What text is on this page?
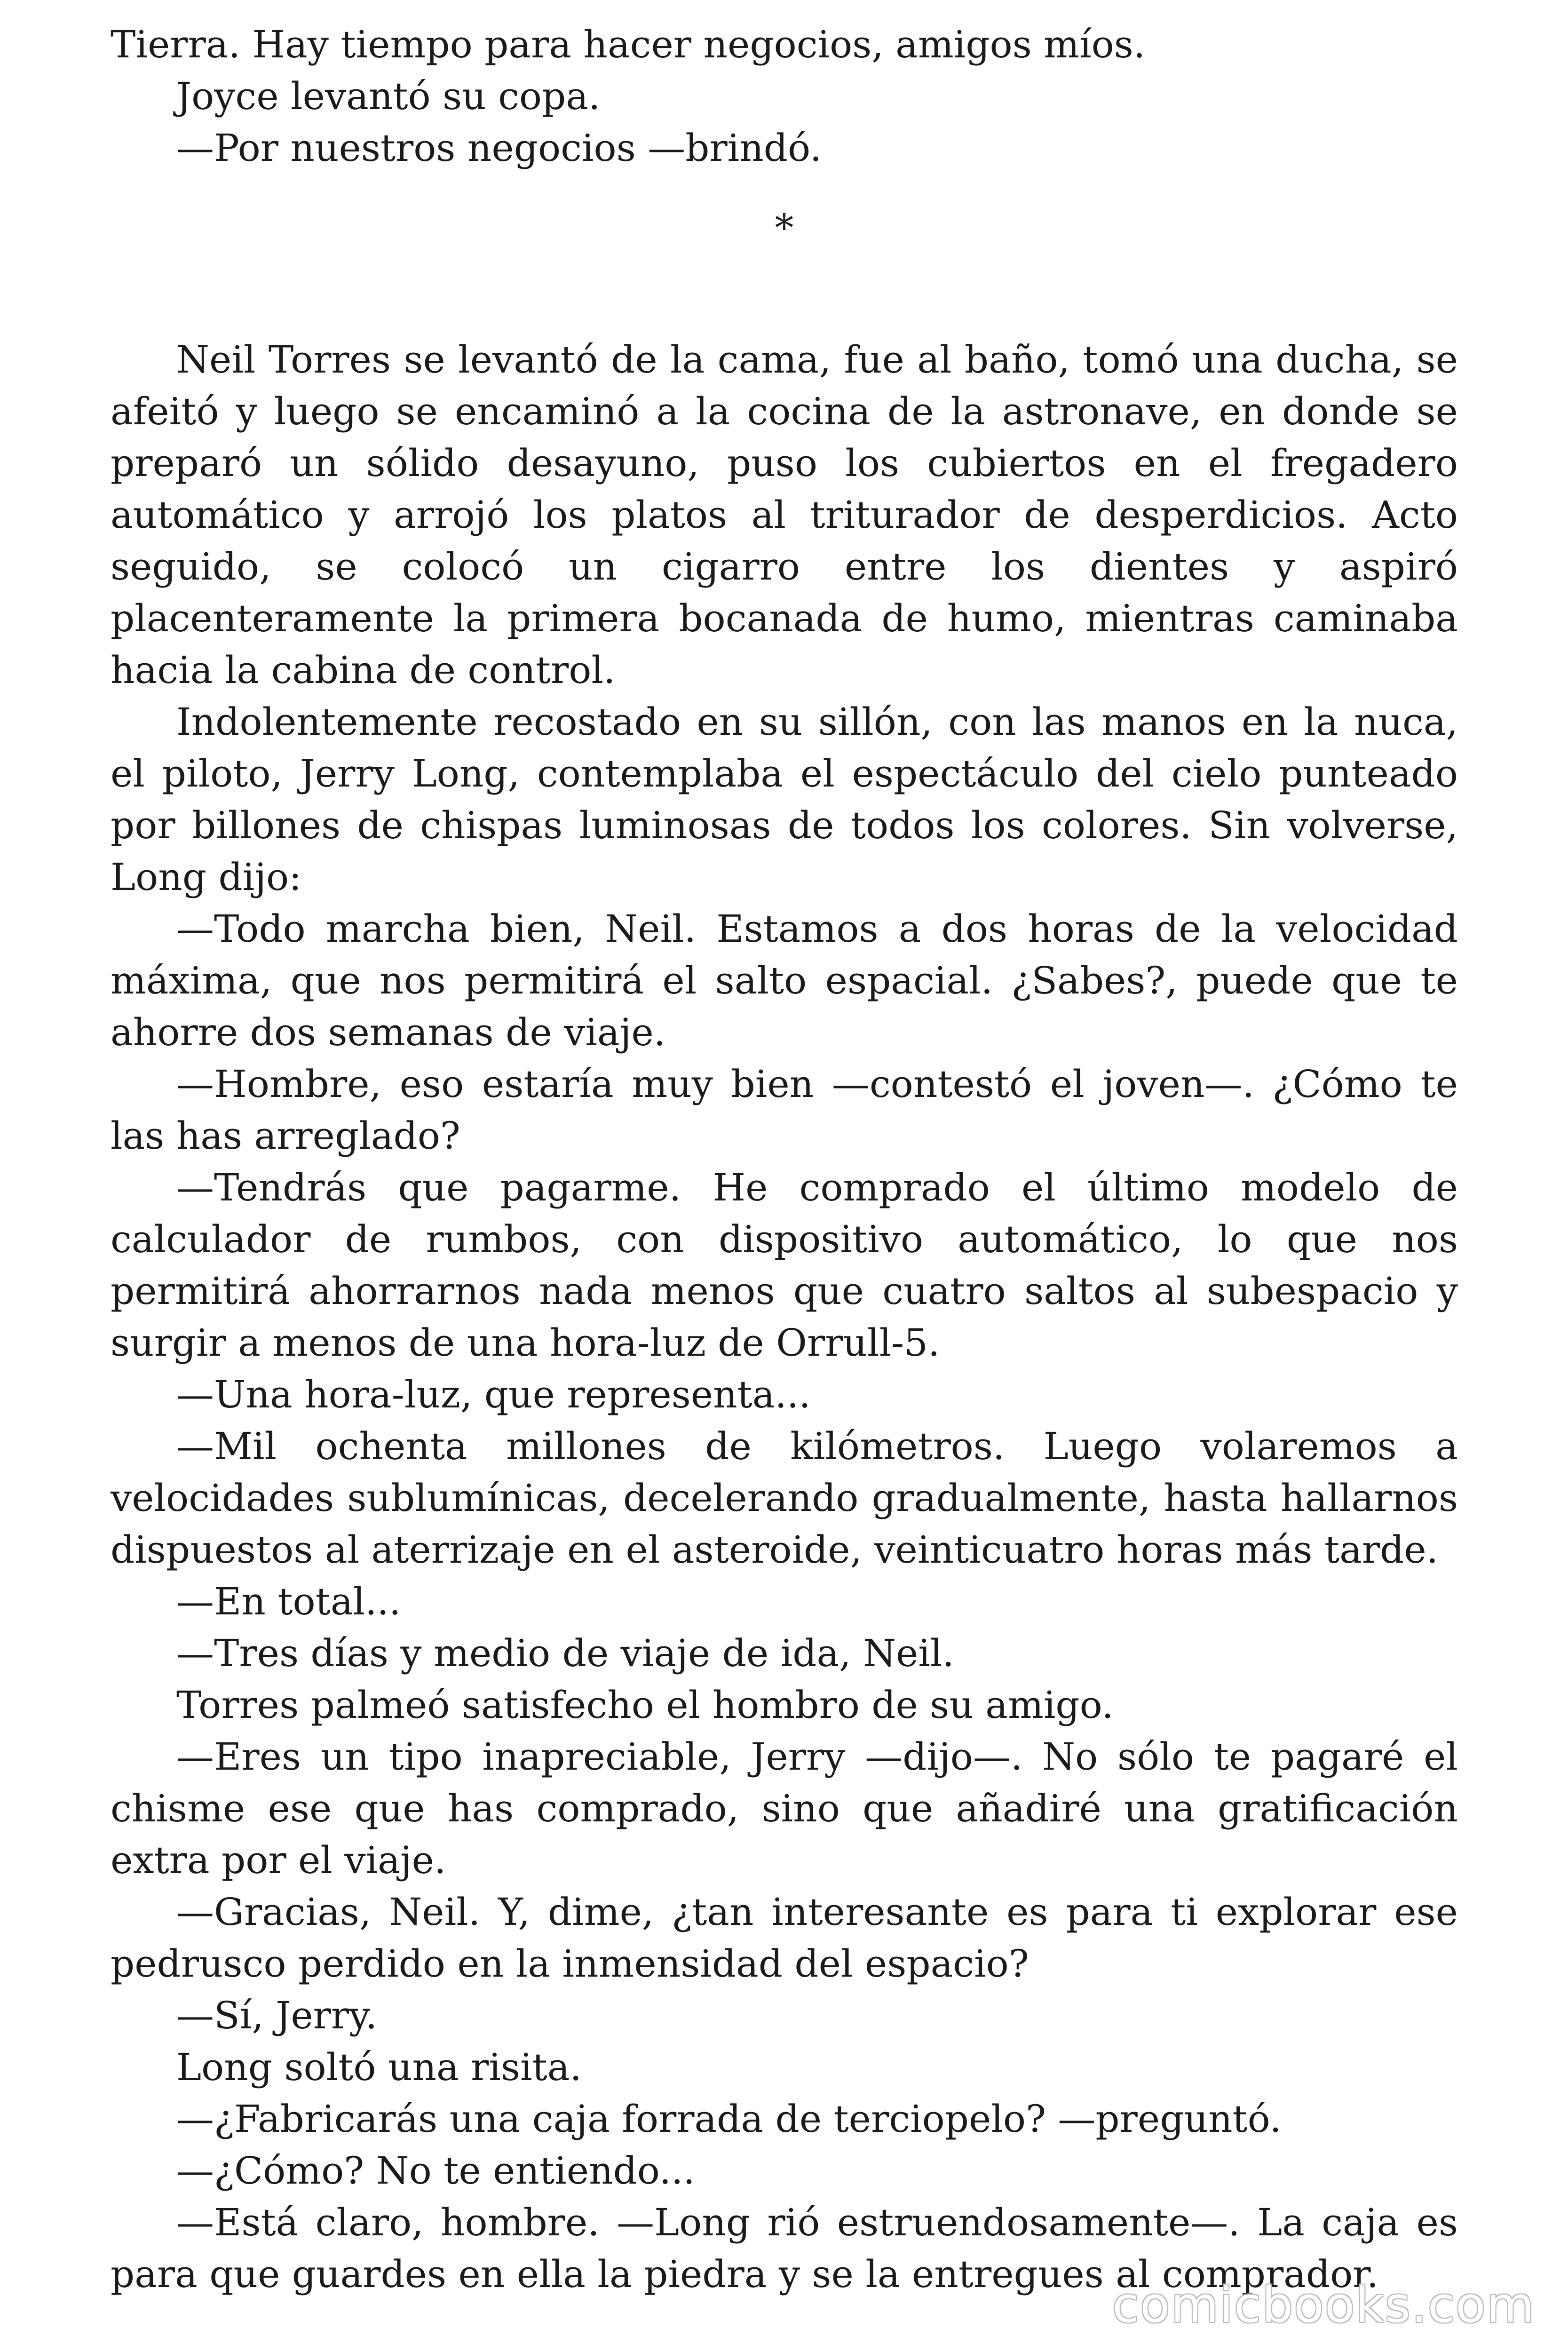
Tierra. Hay tiempo para hacer negocios, amigos míos.

Joyce levantó su copa.

—Por nuestros negocios —brindó.

*

Neil Torres se levantó de la cama, fue al baño, tomó una ducha, se afeitó y luego se encaminó a la cocina de la astronave, en donde se preparó un sólido desayuno, puso los cubiertos en el fregadero automático y arrojó los platos al triturador de desperdicios. Acto seguido, se colocó un cigarro entre los dientes y aspiró placenteramente la primera bocanada de humo, mientras caminaba hacia la cabina de control.

Indolentemente recostado en su sillón, con las manos en la nuca, el piloto, Jerry Long, contemplaba el espectáculo del cielo punteado por billones de chispas luminosas de todos los colores. Sin volverse, Long dijo:

—Todo marcha bien, Neil. Estamos a dos horas de la velocidad máxima, que nos permitirá el salto espacial. ¿Sabes?, puede que te ahorre dos semanas de viaje.

—Hombre, eso estaría muy bien —contestó el joven—. ¿Cómo te las has arreglado?

—Tendrás que pagarme. He comprado el último modelo de calculador de rumbos, con dispositivo automático, lo que nos permitirá ahorrarnos nada menos que cuatro saltos al subespacio y surgir a menos de una hora-luz de Orrull-5.

—Una hora-luz, que representa...

—Mil ochenta millones de kilómetros. Luego volaremos a velocidades sublumínicas, decelerando gradualmente, hasta hallarnos dispuestos al aterrizaje en el asteroide, veinticuatro horas más tarde.

—En total...

—Tres días y medio de viaje de ida, Neil.

Torres palmeó satisfecho el hombro de su amigo.

—Eres un tipo inapreciable, Jerry —dijo—. No sólo te pagaré el chisme ese que has comprado, sino que añadiré una gratificación extra por el viaje.

—Gracias, Neil. Y, dime, ¿tan interesante es para ti explorar ese pedrusco perdido en la inmensidad del espacio?

—Sí, Jerry.

Long soltó una risita.

—¿Fabricarás una caja forrada de terciopelo? —preguntó.

—¿Cómo? No te entiendo...

—Está claro, hombre. —Long rió estruendosamente—. La caja es para que guardes en ella la piedra y se la entregues al comprador.

comicbooks.com
